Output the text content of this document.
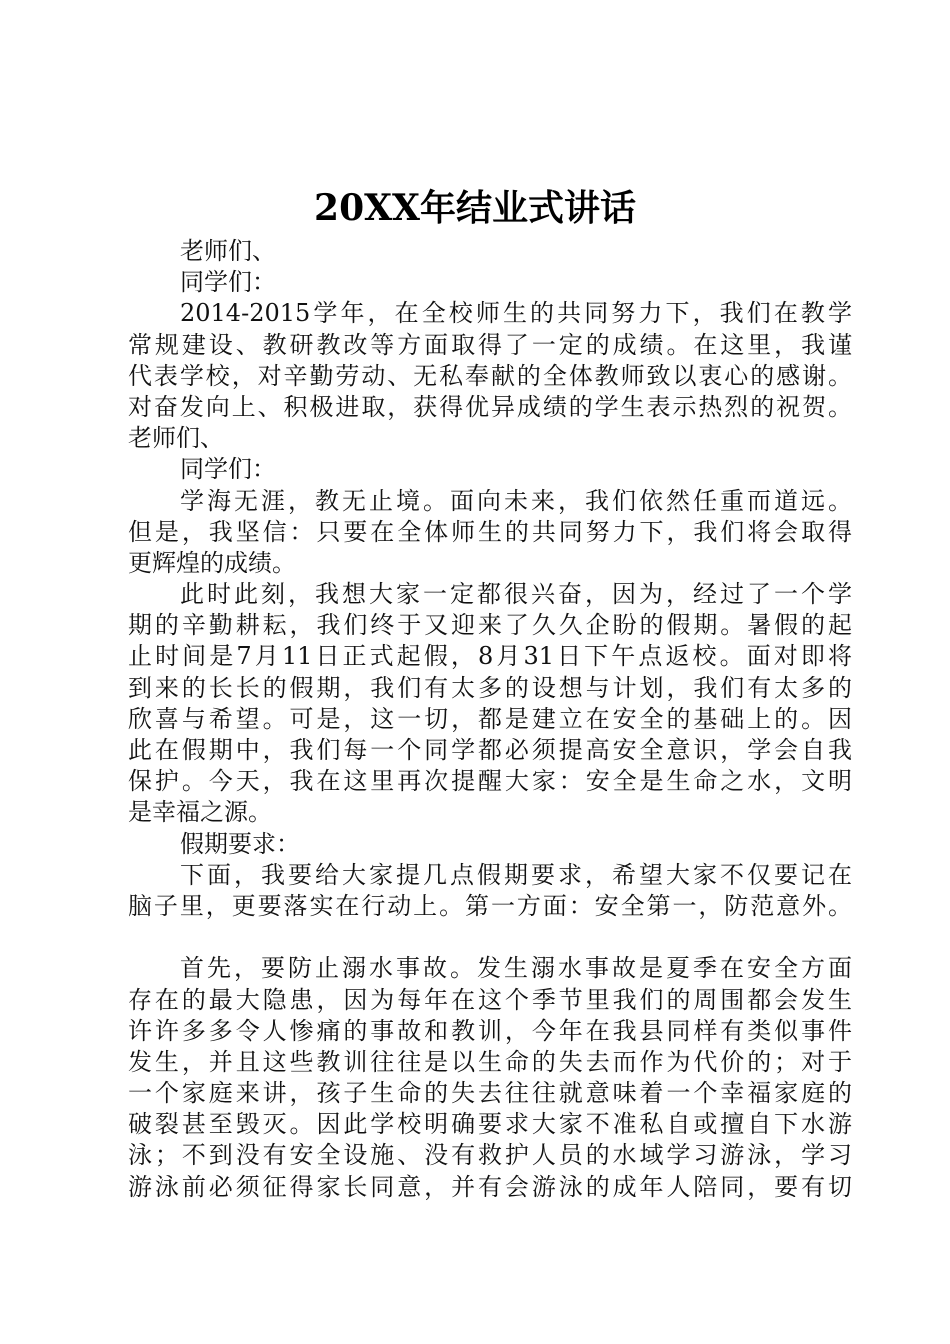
20XX年结业式讲话
老师们、
同学们：
2014-2015学年，在全校师生的共同努力下，我们在教学
常规建设、教研教改等方面取得了一定的成绩。在这里，我谨
代表学校，对辛勤劳动、无私奉献的全体教师致以衷心的感谢。
对奋发向上、积极进取，获得优异成绩的学生表示热烈的祝贺。
老师们、
同学们：
学海无涯，教无止境。面向未来，我们依然任重而道远。
但是，我坚信：只要在全体师生的共同努力下，我们将会取得
更辉煌的成绩。
此时此刻，我想大家一定都很兴奋，因为，经过了一个学
期的辛勤耕耘，我们终于又迎来了久久企盼的假期。暑假的起
止时间是7月11日正式起假，8月31日下午点返校。面对即将
到来的长长的假期，我们有太多的设想与计划，我们有太多的
欣喜与希望。可是，这一切，都是建立在安全的基础上的。因
此在假期中，我们每一个同学都必须提高安全意识，学会自我
保护。今天，我在这里再次提醒大家：安全是生命之水，文明
是幸福之源。
假期要求：
下面，我要给大家提几点假期要求，希望大家不仅要记在
脑子里，更要落实在行动上。第一方面：安全第一，防范意外。
首先，要防止溺水事故。发生溺水事故是夏季在安全方面
存在的最大隐患，因为每年在这个季节里我们的周围都会发生
许许多多令人惨痛的事故和教训，今年在我县同样有类似事件
发生，并且这些教训往往是以生命的失去而作为代价的；对于
一个家庭来讲，孩子生命的失去往往就意味着一个幸福家庭的
破裂甚至毁灭。因此学校明确要求大家不准私自或擅自下水游
泳；不到没有安全设施、没有救护人员的水域学习游泳，学习
游泳前必须征得家长同意，并有会游泳的成年人陪同，要有切
